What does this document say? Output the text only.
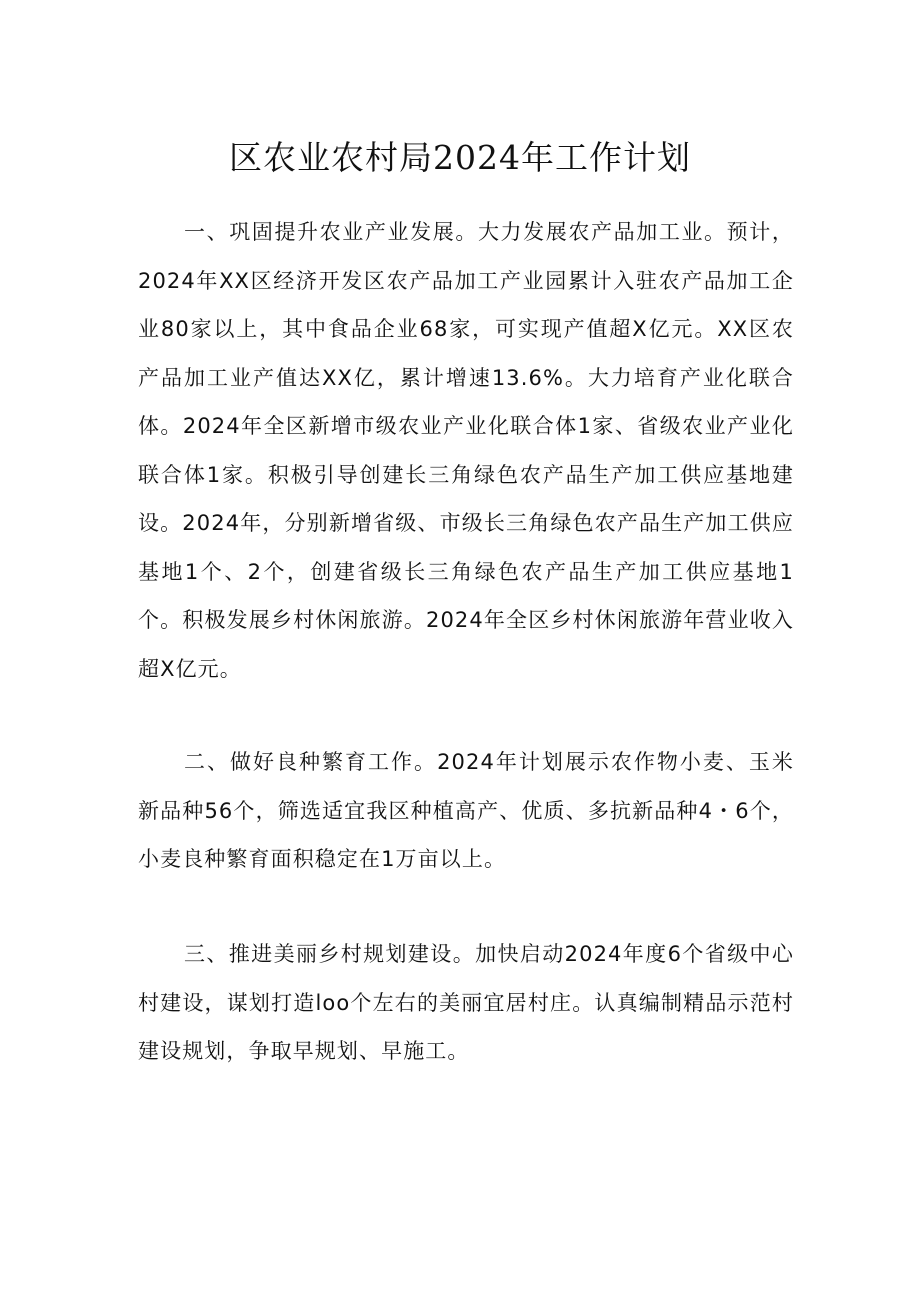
区农业农村局2024年工作计划

一、巩固提升农业产业发展。大力发展农产品加工业。预计，2024年XX区经济开发区农产品加工产业园累计入驻农产品加工企业80家以上，其中食品企业68家，可实现产值超X亿元。XX区农产品加工业产值达XX亿，累计增速13.6%。大力培育产业化联合体。2024年全区新增市级农业产业化联合体1家、省级农业产业化联合体1家。积极引导创建长三角绿色农产品生产加工供应基地建设。2024年，分别新增省级、市级长三角绿色农产品生产加工供应基地1个、2个，创建省级长三角绿色农产品生产加工供应基地1个。积极发展乡村休闲旅游。2024年全区乡村休闲旅游年营业收入超X亿元。

二、做好良种繁育工作。2024年计划展示农作物小麦、玉米新品种56个，筛选适宜我区种植高产、优质、多抗新品种4・6个，小麦良种繁育面积稳定在1万亩以上。

三、推进美丽乡村规划建设。加快启动2024年度6个省级中心村建设，谋划打造loo个左右的美丽宜居村庄。认真编制精品示范村建设规划，争取早规划、早施工。
